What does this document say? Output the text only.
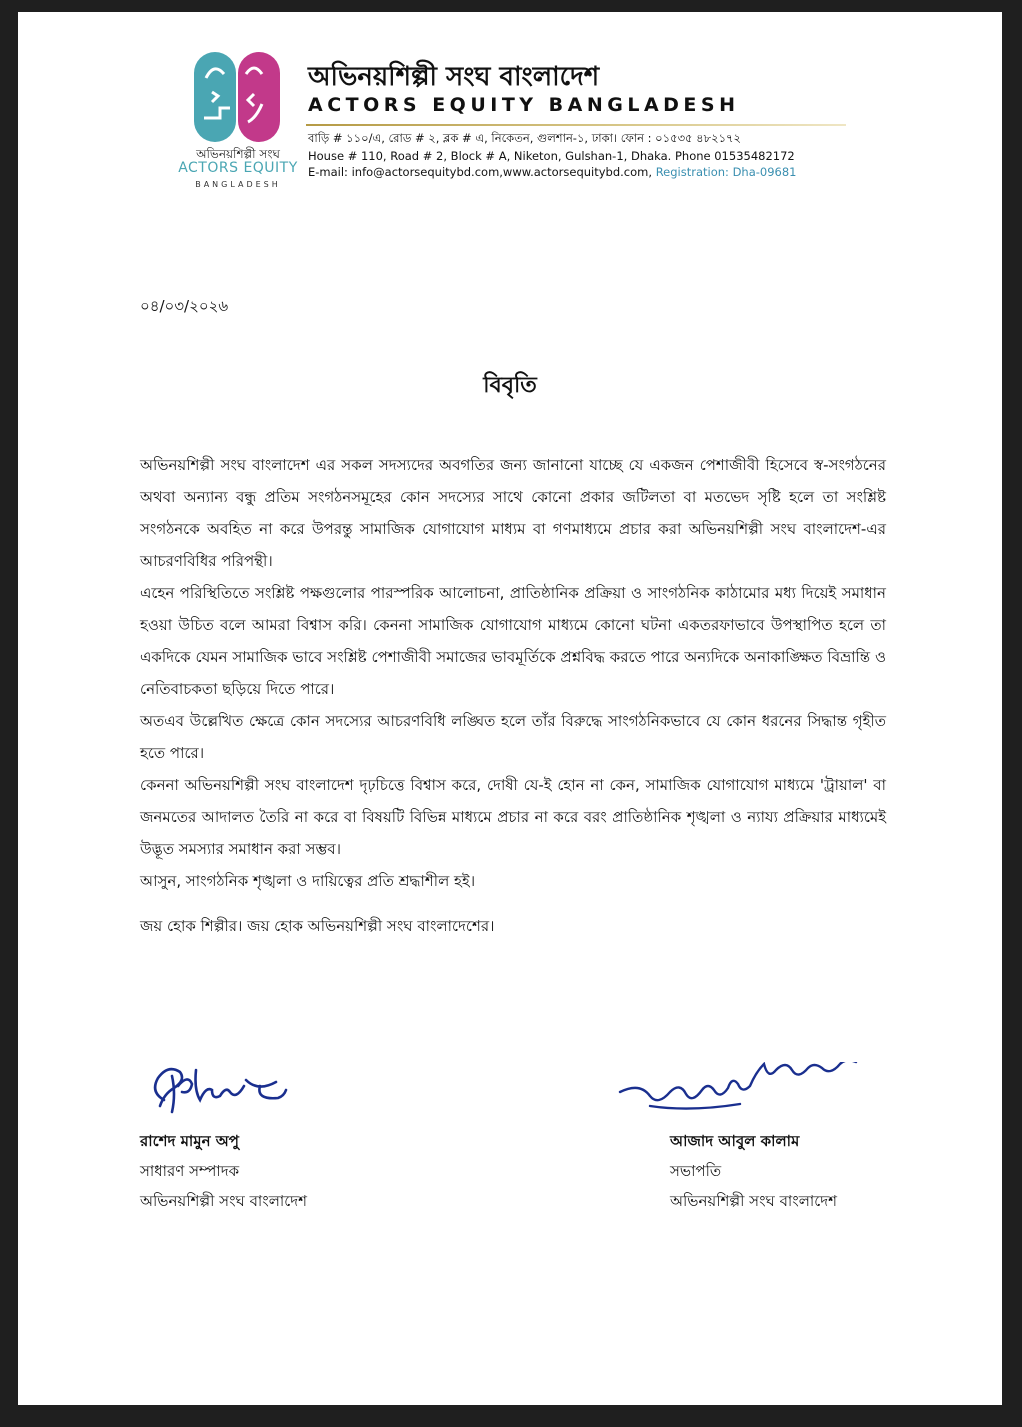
অভিনয়শিল্পী সংঘ
ACTORS EQUITY
BANGLADESH
অভিনয়শিল্পী সংঘ বাংলাদেশ
ACTORS EQUITY BANGLADESH
বাড়ি # ১১০/এ, রোড # ২, ব্লক # এ, নিকেতন, গুলশান-১, ঢাকা। ফোন : ০১৫৩৫ ৪৮২১৭২
House # 110, Road # 2, Block # A, Niketon, Gulshan-1, Dhaka. Phone 01535482172
E-mail: info@actorsequitybd.com,www.actorsequitybd.com, Registration: Dha-09681
০৪/০৩/২০২৬
বিবৃতি

অভিনয়শিল্পী সংঘ বাংলাদেশ এর সকল সদস্যদের অবগতির জন্য জানানো যাচ্ছে যে একজন পেশাজীবী হিসেবে স্ব-সংগঠনের অথবা অন্যান্য বন্ধু প্রতিম সংগঠনসমূহের কোন সদস্যের সাথে কোনো প্রকার জটিলতা বা মতভেদ সৃষ্টি হলে তা সংশ্লিষ্ট সংগঠনকে অবহিত না করে উপরন্তু সামাজিক যোগাযোগ মাধ্যম বা গণমাধ্যমে প্রচার করা অভিনয়শিল্পী সংঘ বাংলাদেশ-এর আচরণবিধির পরিপন্থী।

এহেন পরিস্থিতিতে সংশ্লিষ্ট পক্ষগুলোর পারস্পরিক আলোচনা, প্রাতিষ্ঠানিক প্রক্রিয়া ও সাংগঠনিক কাঠামোর মধ্য দিয়েই সমাধান হওয়া উচিত বলে আমরা বিশ্বাস করি। কেননা সামাজিক যোগাযোগ মাধ্যমে কোনো ঘটনা একতরফাভাবে উপস্থাপিত হলে তা একদিকে যেমন সামাজিক ভাবে সংশ্লিষ্ট পেশাজীবী সমাজের ভাবমূর্তিকে প্রশ্নবিদ্ধ করতে পারে অন্যদিকে অনাকাঙ্ক্ষিত বিভ্রান্তি ও নেতিবাচকতা ছড়িয়ে দিতে পারে।

অতএব উল্লেখিত ক্ষেত্রে কোন সদস্যের আচরণবিধি লঙ্ঘিত হলে তাঁর বিরুদ্ধে সাংগঠনিকভাবে যে কোন ধরনের সিদ্ধান্ত গৃহীত হতে পারে।

কেননা অভিনয়শিল্পী সংঘ বাংলাদেশ দৃঢ়চিত্তে বিশ্বাস করে, দোষী যে-ই হোন না কেন, সামাজিক যোগাযোগ মাধ্যমে 'ট্রায়াল' বা জনমতের আদালত তৈরি না করে বা বিষয়টি বিভিন্ন মাধ্যমে প্রচার না করে বরং প্রাতিষ্ঠানিক শৃঙ্খলা ও ন্যায্য প্রক্রিয়ার মাধ্যমেই উদ্ভূত সমস্যার সমাধান করা সম্ভব।

আসুন, সাংগঠনিক শৃঙ্খলা ও দায়িত্বের প্রতি শ্রদ্ধাশীল হই।

জয় হোক শিল্পীর। জয় হোক অভিনয়শিল্পী সংঘ বাংলাদেশের।
রাশেদ মামুন অপু
সাধারণ সম্পাদক
অভিনয়শিল্পী সংঘ বাংলাদেশ
আজাদ আবুল কালাম
সভাপতি
অভিনয়শিল্পী সংঘ বাংলাদেশ
